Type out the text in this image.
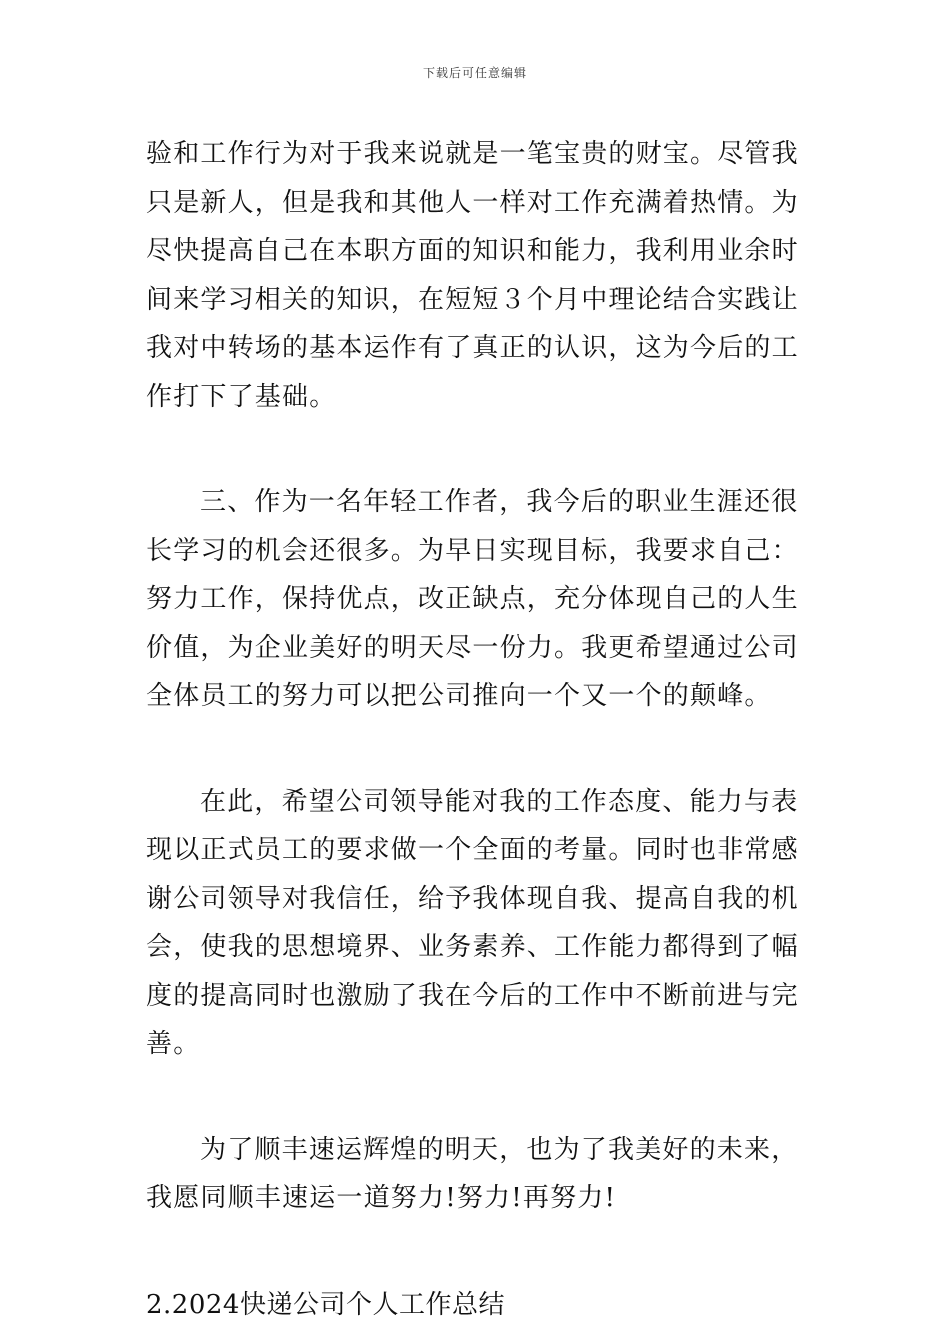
下载后可任意编辑

验和工作行为对于我来说就是一笔宝贵的财宝。尽管我只是新人，但是我和其他人一样对工作充满着热情。为尽快提高自己在本职方面的知识和能力，我利用业余时间来学习相关的知识，在短短３个月中理论结合实践让我对中转场的基本运作有了真正的认识，这为今后的工作打下了基础。

三、作为一名年轻工作者，我今后的职业生涯还很长学习的机会还很多。为早日实现目标，我要求自己：努力工作，保持优点，改正缺点，充分体现自己的人生价值，为企业美好的明天尽一份力。我更希望通过公司全体员工的努力可以把公司推向一个又一个的颠峰。

在此，希望公司领导能对我的工作态度、能力与表现以正式员工的要求做一个全面的考量。同时也非常感谢公司领导对我信任，给予我体现自我、提高自我的机会，使我的思想境界、业务素养、工作能力都得到了幅度的提高同时也激励了我在今后的工作中不断前进与完善。

为了顺丰速运辉煌的明天，也为了我美好的未来，我愿同顺丰速运一道努力!努力!再努力!

2.2024快递公司个人工作总结
